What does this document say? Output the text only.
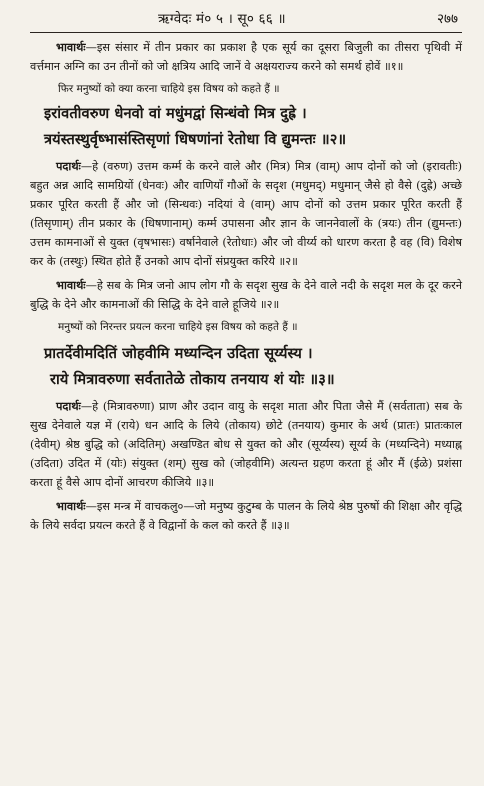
ऋग्वेदः मं० ५ । सू० ६६ ॥	२७७

भावार्थः—इस संसार में तीन प्रकार का प्रकाश है एक सूर्य का दूसरा बिजुली का तीसरा पृथिवी में वर्त्तमान अग्नि का उन तीनों को जो क्षत्रिय आदि जानें वे अक्षयराज्य करने को समर्थ होवें ॥१॥

फिर मनुष्यों को क्या करना चाहिये इस विषय को कहते हैं ॥

इरांवतीवरुण धेनवो वां मधुंमद्वां सिन्धंवो मित्र दुह्रे ।

त्रयंस्तस्थुर्वृष्भासंस्तिसृणां धिषणांनां रेतोधा वि द्युमन्तः ॥२॥

पदार्थः—हे (वरुण) उत्तम कर्म्म के करने वाले और (मित्र) मित्र (वाम्) आप दोनों को जो (इरावतीः) बहुत अन्न आदि सामग्रियों (धेनवः) और वाणियाँ गौओं के सदृश (मधुमद्) मधुमान् जैसे हो वैसे (दुह्रे) अच्छे प्रकार पूरित करती हैं और जो (सिन्धवः) नदियां वे (वाम्) आप दोनों को उत्तम प्रकार पूरित करती हैं (तिसृणाम्) तीन प्रकार के (धिषणानाम्) कर्म्म उपासना और ज्ञान के जाननेवालों के (त्रयः) तीन (द्युमन्तः) उत्तम कामनाओं से युक्त (वृषभासः) वर्षानेवाले (रेतोधाः) और जो वीर्य्य को धारण करता है वह (वि) विशेष कर के (तस्थुः) स्थित होते हैं उनको आप दोनों संप्रयुक्त करिये ॥२॥

भावार्थः—हे सब के मित्र जनो आप लोग गौ के सदृश सुख के देने वाले नदी के सदृश मल के दूर करने बुद्धि के देने और कामनाओं की सिद्धि के देने वाले हूजिये ॥२॥

मनुष्यों को निरन्तर प्रयत्न करना चाहिये इस विषय को कहते हैं ॥

प्रातर्देवीमदितिं जोहवीमि मध्यन्दिन उदिता सूर्य्यस्य ।

राये मित्रावरुणा सर्वतातेळे तोकाय तनयाय शं योः ॥३॥

पदार्थः—हे (मित्रावरुणा) प्राण और उदान वायु के सदृश माता और पिता जैसे मैं (सर्वताता) सब के सुख देनेवाले यज्ञ में (राये) धन आदि के लिये (तोकाय) छोटे (तनयाय) कुमार के अर्थ (प्रातः) प्रातःकाल (देवीम्) श्रेष्ठ बुद्धि को (अदितिम्) अखण्डित बोध से युक्त को और (सूर्य्यस्य) सूर्य्य के (मध्यन्दिने) मध्याह्न (उदिता) उदित में (योः) संयुक्त (शम्) सुख को (जोहवीमि) अत्यन्त ग्रहण करता हूं और मैं (ईळे) प्रशंसा करता हूं वैसे आप दोनों आचरण कीजिये ॥३॥

भावार्थः—इस मन्त्र में वाचकलु०—जो मनुष्य कुटुम्ब के पालन के लिये श्रेष्ठ पुरुषों की शिक्षा और वृद्धि के लिये सर्वदा प्रयत्न करते हैं वे विद्वानों के कल को करते हैं ॥३॥
